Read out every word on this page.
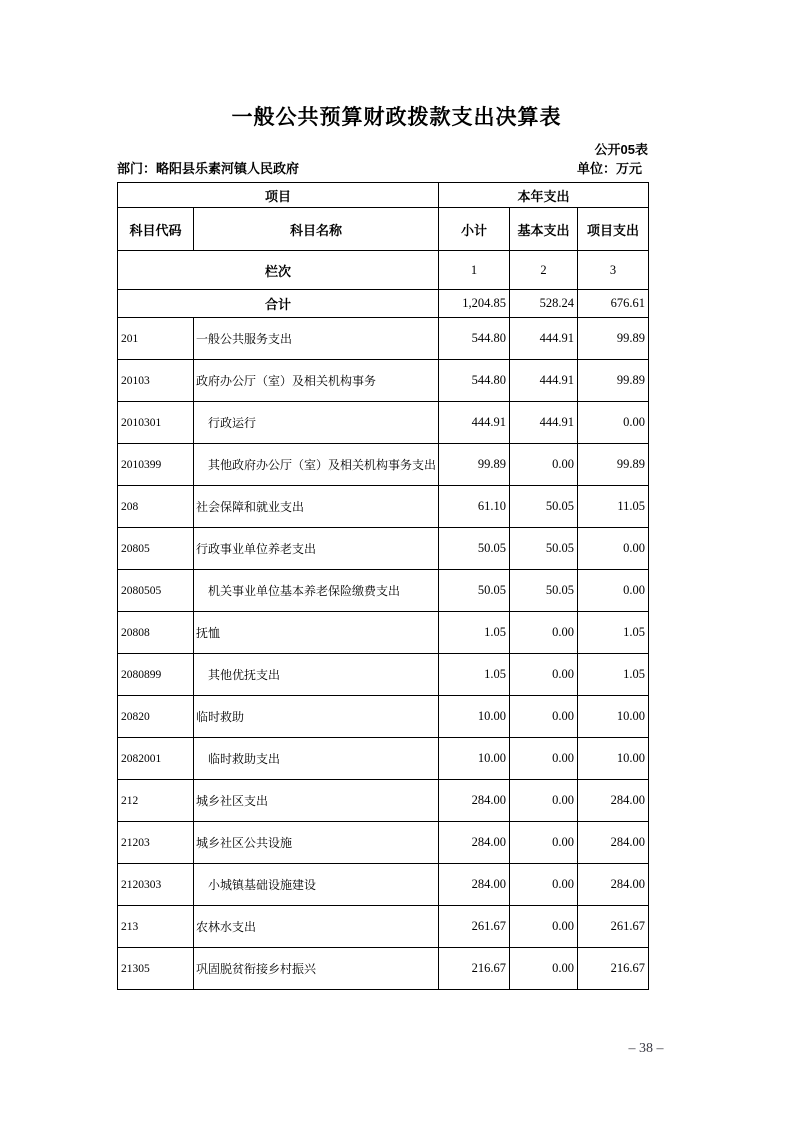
一般公共预算财政拨款支出决算表
公开05表
部门：略阳县乐素河镇人民政府	单位：万元
项目		本年支出		
科目代码	科目名称	小计	基本支出	项目支出
栏次		1	2	3
合计		1,204.85	528.24	676.61
201	一般公共服务支出	544.80	444.91	99.89
20103	政府办公厅（室）及相关机构事务	544.80	444.91	99.89
2010301	行政运行	444.91	444.91	0.00
2010399	其他政府办公厅（室）及相关机构事务支出	99.89	0.00	99.89
208	社会保障和就业支出	61.10	50.05	11.05
20805	行政事业单位养老支出	50.05	50.05	0.00
2080505	机关事业单位基本养老保险缴费支出	50.05	50.05	0.00
20808	抚恤	1.05	0.00	1.05
2080899	其他优抚支出	1.05	0.00	1.05
20820	临时救助	10.00	0.00	10.00
2082001	临时救助支出	10.00	0.00	10.00
212	城乡社区支出	284.00	0.00	284.00
21203	城乡社区公共设施	284.00	0.00	284.00
2120303	小城镇基础设施建设	284.00	0.00	284.00
213	农林水支出	261.67	0.00	261.67
21305	巩固脱贫衔接乡村振兴	216.67	0.00	216.67
– 38 –
